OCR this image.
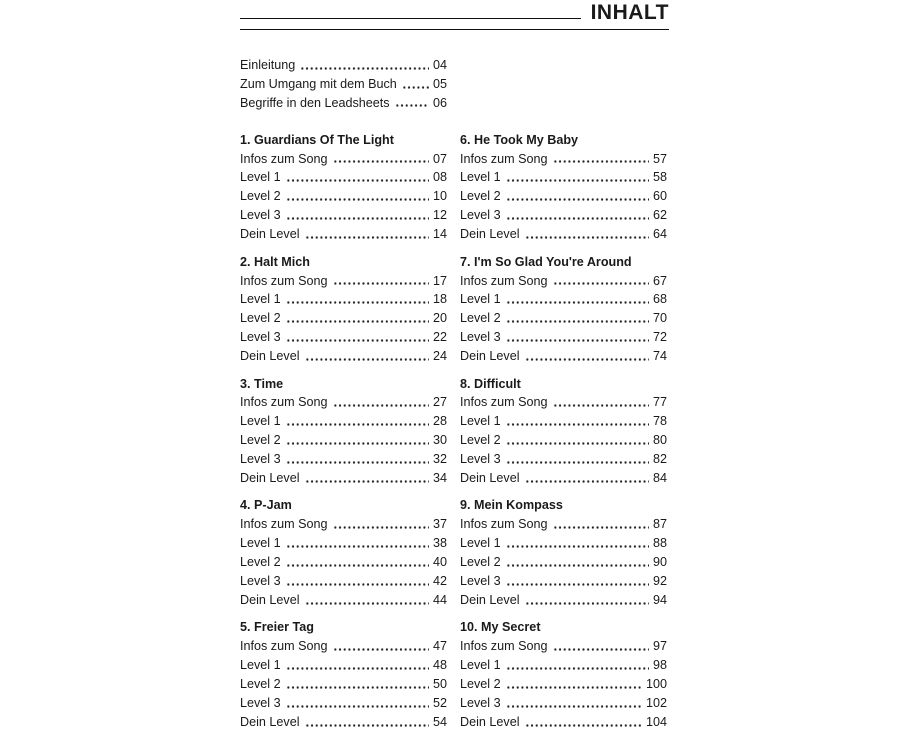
INHALT
Einleitung	04
Zum Umgang mit dem Buch	05
Begriffe in den Leadsheets	06
1. Guardians Of The Light
Infos zum Song	07
Level 1	08
Level 2	10
Level 3	12
Dein Level	14
2. Halt Mich
Infos zum Song	17
Level 1	18
Level 2	20
Level 3	22
Dein Level	24
3. Time
Infos zum Song	27
Level 1	28
Level 2	30
Level 3	32
Dein Level	34
4. P-Jam
Infos zum Song	37
Level 1	38
Level 2	40
Level 3	42
Dein Level	44
5. Freier Tag
Infos zum Song	47
Level 1	48
Level 2	50
Level 3	52
Dein Level	54
6. He Took My Baby
Infos zum Song	57
Level 1	58
Level 2	60
Level 3	62
Dein Level	64
7. I'm So Glad You're Around
Infos zum Song	67
Level 1	68
Level 2	70
Level 3	72
Dein Level	74
8. Difficult
Infos zum Song	77
Level 1	78
Level 2	80
Level 3	82
Dein Level	84
9. Mein Kompass
Infos zum Song	87
Level 1	88
Level 2	90
Level 3	92
Dein Level	94
10. My Secret
Infos zum Song	97
Level 1	98
Level 2	100
Level 3	102
Dein Level	104
